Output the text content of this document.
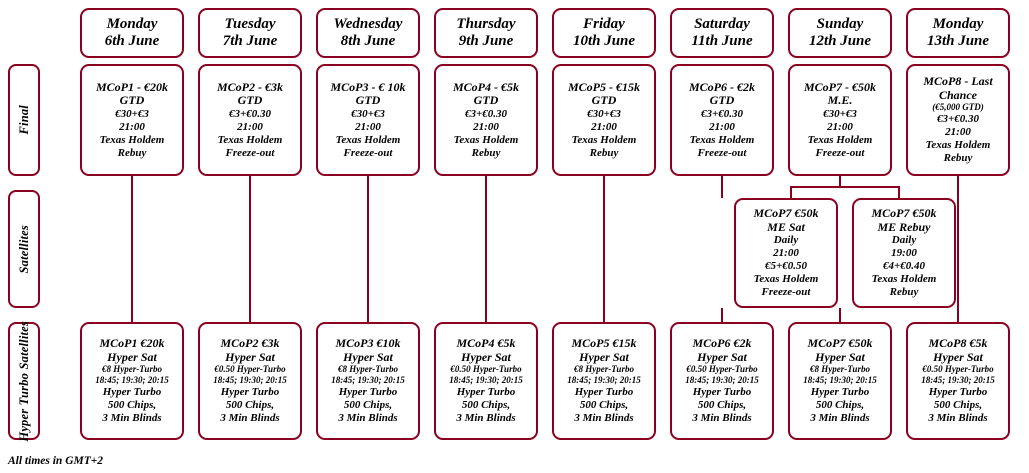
Final
Satellites
Hyper Turbo Satellites
Monday
6th June
Tuesday
7th June
Wednesday
8th June
Thursday
9th June
Friday
10th June
Saturday
11th June
Sunday
12th June
Monday
13th June
MCoP1 - €20k
GTD
€30+€3
21:00
Texas Holdem
Rebuy
MCoP2 - €3k
GTD
€3+€0.30
21:00
Texas Holdem
Freeze-out
MCoP3 - € 10k
GTD
€30+€3
21:00
Texas Holdem
Freeze-out
MCoP4 - €5k
GTD
€3+€0.30
21:00
Texas Holdem
Rebuy
MCoP5 - €15k
GTD
€30+€3
21:00
Texas Holdem
Rebuy
MCoP6 - €2k
GTD
€3+€0.30
21:00
Texas Holdem
Freeze-out
MCoP7 - €50k
M.E.
€30+€3
21:00
Texas Holdem
Freeze-out
MCoP8 - Last
Chance
(€5,000 GTD)
€3+€0.30
21:00
Texas Holdem
Rebuy
MCoP7 €50k
ME Sat
Daily
21:00
€5+€0.50
Texas Holdem
Freeze-out
MCoP7 €50k
ME Rebuy
Daily
19:00
€4+€0.40
Texas Holdem
Rebuy
MCoP1 €20k
Hyper Sat
€8 Hyper-Turbo
18:45; 19:30; 20:15
Hyper Turbo
500 Chips,
3 Min Blinds
MCoP2 €3k
Hyper Sat
€0.50 Hyper-Turbo
18:45; 19:30; 20:15
Hyper Turbo
500 Chips,
3 Min Blinds
MCoP3 €10k
Hyper Sat
€8 Hyper-Turbo
18:45; 19:30; 20:15
Hyper Turbo
500 Chips,
3 Min Blinds
MCoP4 €5k
Hyper Sat
€0.50 Hyper-Turbo
18:45; 19:30; 20:15
Hyper Turbo
500 Chips,
3 Min Blinds
MCoP5 €15k
Hyper Sat
€8 Hyper-Turbo
18:45; 19:30; 20:15
Hyper Turbo
500 Chips,
3 Min Blinds
MCoP6 €2k
Hyper Sat
€0.50 Hyper-Turbo
18:45; 19:30; 20:15
Hyper Turbo
500 Chips,
3 Min Blinds
MCoP7 €50k
Hyper Sat
€8 Hyper-Turbo
18:45; 19:30; 20:15
Hyper Turbo
500 Chips,
3 Min Blinds
MCoP8 €5k
Hyper Sat
€0.50 Hyper-Turbo
18:45; 19:30; 20:15
Hyper Turbo
500 Chips,
3 Min Blinds
All times in GMT+2
